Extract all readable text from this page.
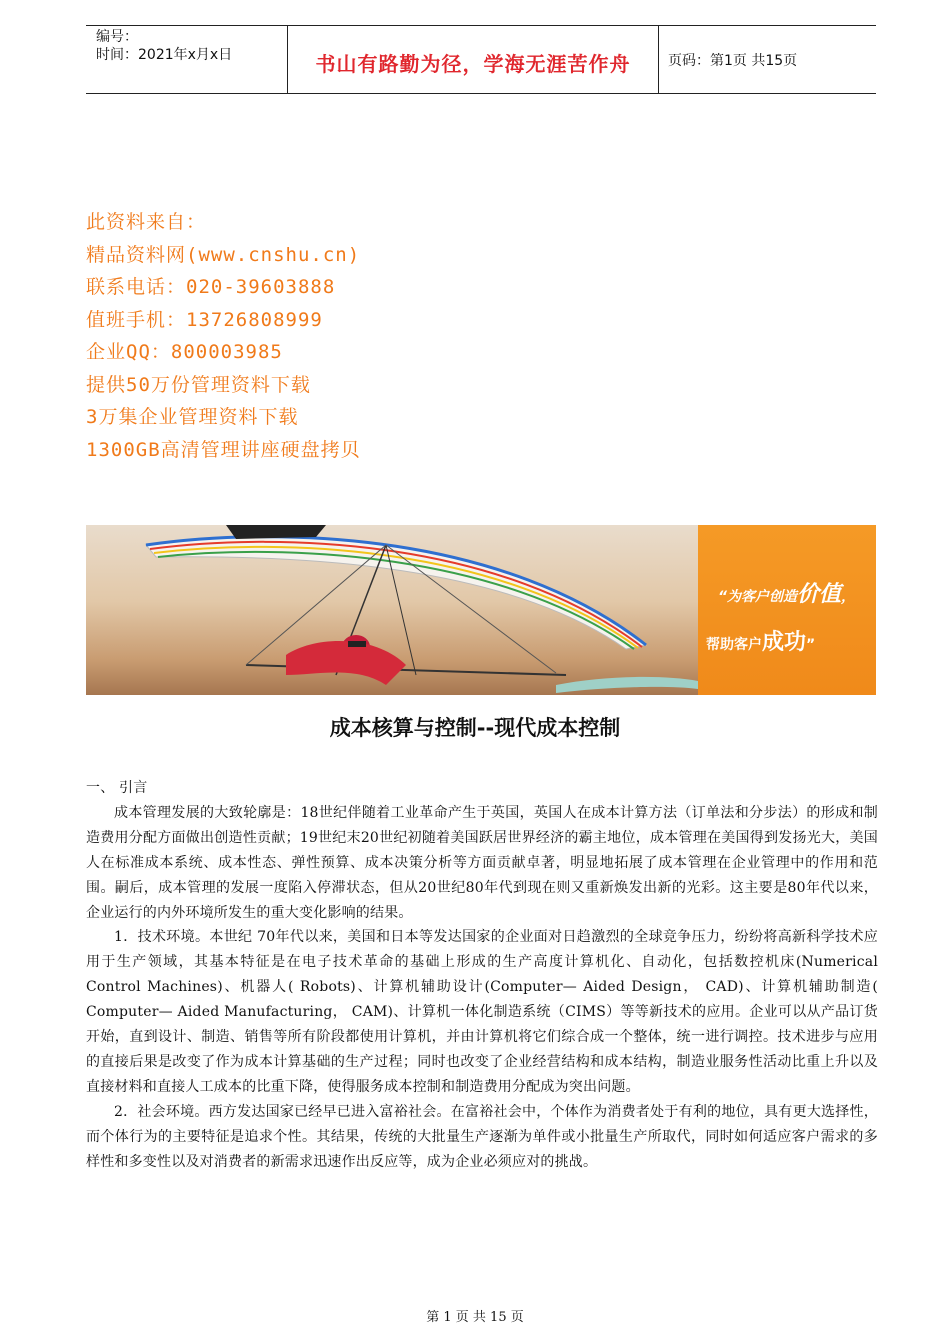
编号：
时间：2021年x月x日	书山有路勤为径，学海无涯苦作舟	页码：第1页 共15页
此资料来自：
精品资料网(www.cnshu.cn)
联系电话：020-39603888
值班手机：13726808999
企业QQ：800003985
提供50万份管理资料下载
3万集企业管理资料下载
1300GB高清管理讲座硬盘拷贝
“为客户创造价值，
帮助客户成功”
成本核算与控制--现代成本控制

一、 引言

成本管理发展的大致轮廓是：18世纪伴随着工业革命产生于英国，英国人在成本计算方法（订单法和分步法）的形成和制造费用分配方面做出创造性贡献；19世纪末20世纪初随着美国跃居世界经济的霸主地位，成本管理在美国得到发扬光大，美国人在标准成本系统、成本性态、弹性预算、成本决策分析等方面贡献卓著，明显地拓展了成本管理在企业管理中的作用和范围。嗣后，成本管理的发展一度陷入停滞状态，但从20世纪80年代到现在则又重新焕发出新的光彩。这主要是80年代以来，企业运行的内外环境所发生的重大变化影响的结果。

1．技术环境。本世纪 70年代以来，美国和日本等发达国家的企业面对日趋激烈的全球竞争压力，纷纷将高新科学技术应用于生产领域，其基本特征是在电子技术革命的基础上形成的生产高度计算机化、自动化，包括数控机床(Numerical Control Machines)、机器人( Robots)、计算机辅助设计(Computer— Aided Design， CAD)、计算机辅助制造( Computer— Aided Manufacturing， CAM)、计算机一体化制造系统（CIMS）等等新技术的应用。企业可以从产品订货开始，直到设计、制造、销售等所有阶段都使用计算机，并由计算机将它们综合成一个整体，统一进行调控。技术进步与应用的直接后果是改变了作为成本计算基础的生产过程；同时也改变了企业经营结构和成本结构，制造业服务性活动比重上升以及直接材料和直接人工成本的比重下降，使得服务成本控制和制造费用分配成为突出问题。

2．社会环境。西方发达国家已经早已进入富裕社会。在富裕社会中，个体作为消费者处于有利的地位，具有更大选择性，而个体行为的主要特征是追求个性。其结果，传统的大批量生产逐渐为单件或小批量生产所取代，同时如何适应客户需求的多样性和多变性以及对消费者的新需求迅速作出反应等，成为企业必须应对的挑战。

第 1 页 共 15 页
